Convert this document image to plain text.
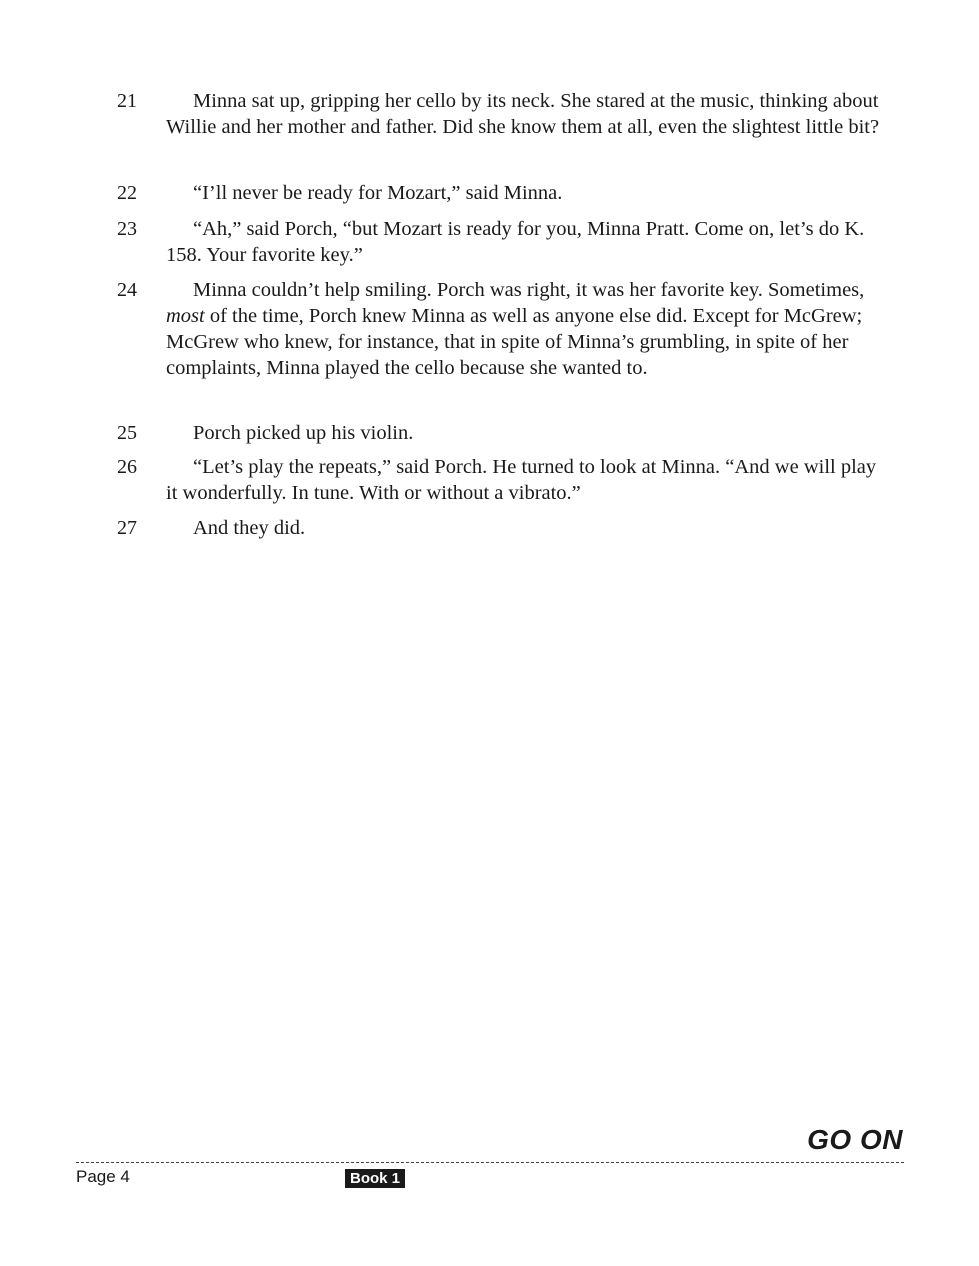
21	Minna sat up, gripping her cello by its neck. She stared at the music, thinking about Willie and her mother and father. Did she know them at all, even the slightest little bit?

22	“I’ll never be ready for Mozart,” said Minna.

23	“Ah,” said Porch, “but Mozart is ready for you, Minna Pratt. Come on, let’s do K. 158. Your favorite key.”

24	Minna couldn’t help smiling. Porch was right, it was her favorite key. Sometimes, most of the time, Porch knew Minna as well as anyone else did. Except for McGrew; McGrew who knew, for instance, that in spite of Minna’s grumbling, in spite of her complaints, Minna played the cello because she wanted to.

25	Porch picked up his violin.

26	“Let’s play the repeats,” said Porch. He turned to look at Minna. “And we will play it wonderfully. In tune. With or without a vibrato.”

27	And they did.

GO ON
Page 4	Book 1
